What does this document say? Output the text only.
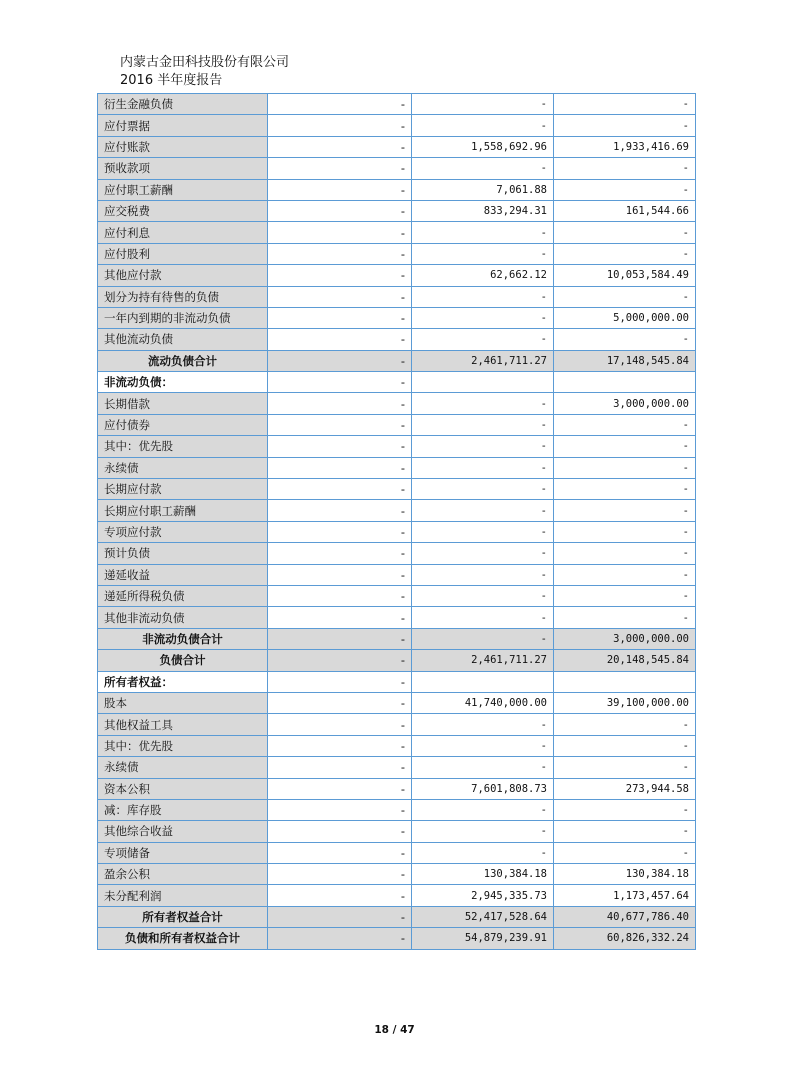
内蒙古金田科技股份有限公司
2016 半年度报告
衍生金融负债	-	-	-
应付票据	-	-	-
应付账款	-	1,558,692.96	1,933,416.69
预收款项	-	-	-
应付职工薪酬	-	7,061.88	-
应交税费	-	833,294.31	161,544.66
应付利息	-	-	-
应付股利	-	-	-
其他应付款	-	62,662.12	10,053,584.49
划分为持有待售的负债	-	-	-
一年内到期的非流动负债	-	-	5,000,000.00
其他流动负债	-	-	-
流动负债合计	-	2,461,711.27	17,148,545.84
非流动负债：	-		
长期借款	-	-	3,000,000.00
应付债券	-	-	-
其中：优先股	-	-	-
永续债	-	-	-
长期应付款	-	-	-
长期应付职工薪酬	-	-	-
专项应付款	-	-	-
预计负债	-	-	-
递延收益	-	-	-
递延所得税负债	-	-	-
其他非流动负债	-	-	-
非流动负债合计	-	-	3,000,000.00
负债合计	-	2,461,711.27	20,148,545.84
所有者权益：	-		
股本	-	41,740,000.00	39,100,000.00
其他权益工具	-	-	-
其中：优先股	-	-	-
永续债	-	-	-
资本公积	-	7,601,808.73	273,944.58
减：库存股	-	-	-
其他综合收益	-	-	-
专项储备	-	-	-
盈余公积	-	130,384.18	130,384.18
未分配利润	-	2,945,335.73	1,173,457.64
所有者权益合计	-	52,417,528.64	40,677,786.40
负债和所有者权益合计	-	54,879,239.91	60,826,332.24
18 / 47
